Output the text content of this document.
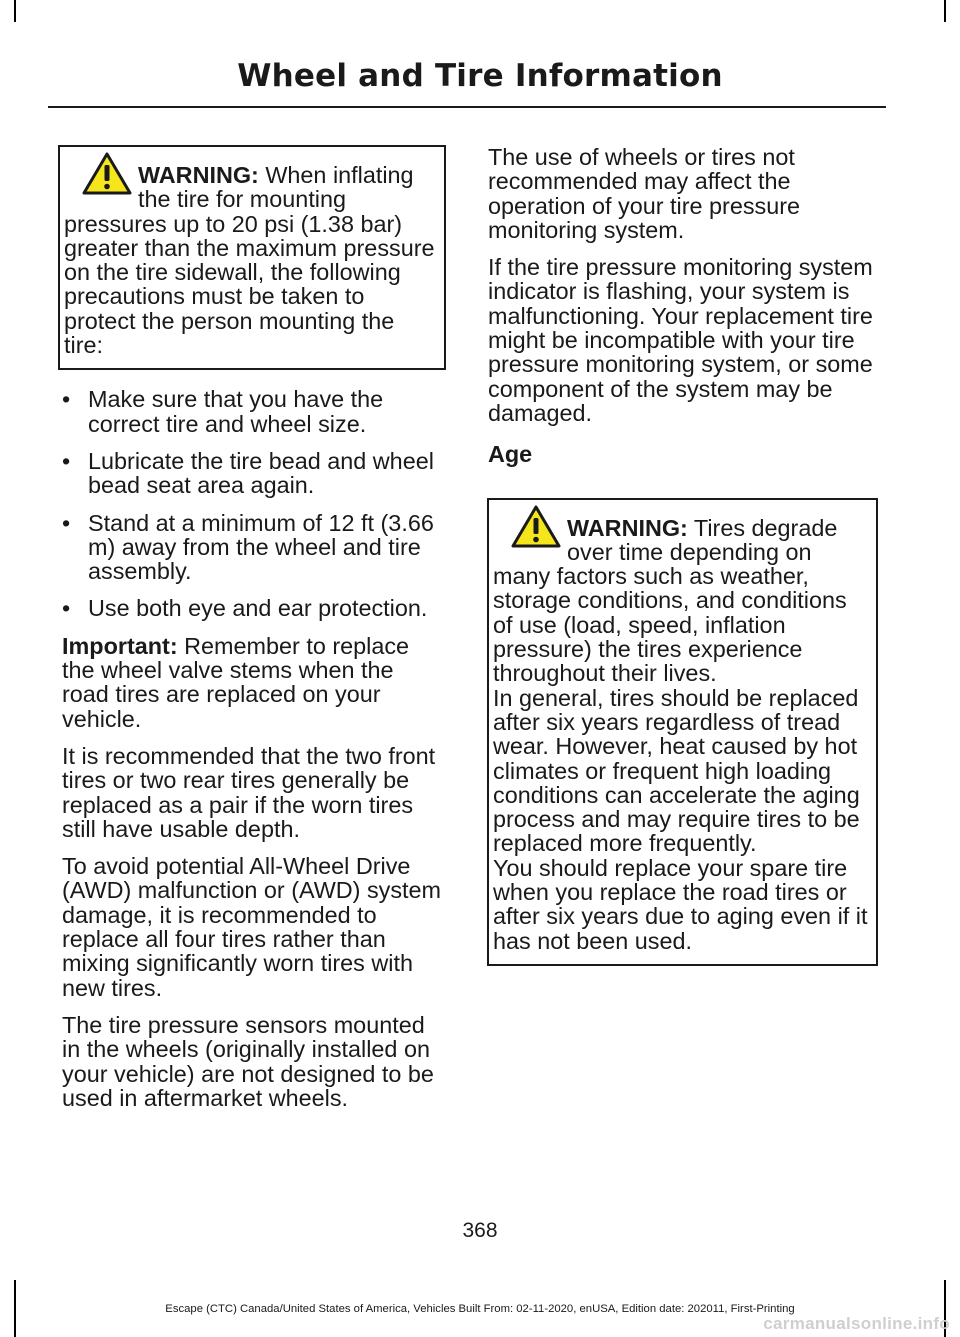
Wheel and Tire Information

WARNING: When inflating the tire for mounting pressures up to 20 psi (1.38 bar) greater than the maximum pressure on the tire sidewall, the following precautions must be taken to protect the person mounting the tire:

• Make sure that you have the correct tire and wheel size.
• Lubricate the tire bead and wheel bead seat area again.
• Stand at a minimum of 12 ft (3.66 m) away from the wheel and tire assembly.
• Use both eye and ear protection.

Important: Remember to replace the wheel valve stems when the road tires are replaced on your vehicle.

It is recommended that the two front tires or two rear tires generally be replaced as a pair if the worn tires still have usable depth.

To avoid potential All-Wheel Drive (AWD) malfunction or (AWD) system damage, it is recommended to replace all four tires rather than mixing significantly worn tires with new tires.

The tire pressure sensors mounted in the wheels (originally installed on your vehicle) are not designed to be used in aftermarket wheels.

The use of wheels or tires not recommended may affect the operation of your tire pressure monitoring system.

If the tire pressure monitoring system indicator is flashing, your system is malfunctioning. Your replacement tire might be incompatible with your tire pressure monitoring system, or some component of the system may be damaged.

Age

WARNING: Tires degrade over time depending on many factors such as weather, storage conditions, and conditions of use (load, speed, inflation pressure) the tires experience throughout their lives.

In general, tires should be replaced after six years regardless of tread wear. However, heat caused by hot climates or frequent high loading conditions can accelerate the aging process and may require tires to be replaced more frequently.

You should replace your spare tire when you replace the road tires or after six years due to aging even if it has not been used.

368
Escape (CTC) Canada/United States of America, Vehicles Built From: 02-11-2020, enUSA, Edition date: 202011, First-Printing
carmanualsonline.info
